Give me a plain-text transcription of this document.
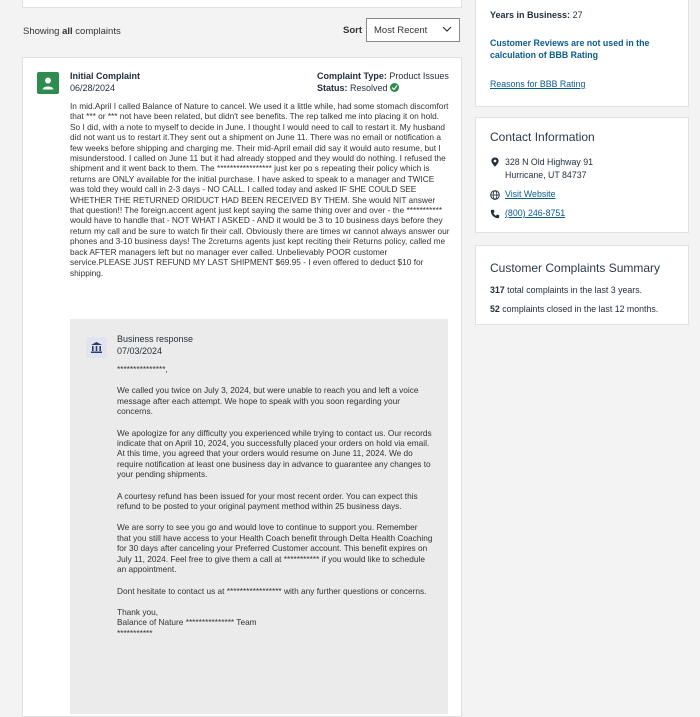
Showing all complaints	Sort	Most Recent
Initial Complaint
06/28/2024
Complaint Type: Product Issues
Status: Resolved
In mid.April I called Balance of Nature to cancel. We used it a little while, had some stomach discomfort that *** or *** not have been related, but didn't see benefits. The rep talked me into placing it on hold. So I did, with a note to myself to decide in June. I thought I would need to call to restart it. My husband did not want us to restart it.They sent out a shipment on June 11. There was no email or notification a few weeks before shipping and charging me. Their mid-April email did say it would auto resume, but I misunderstood. I called on June 11 but it had already stopped and they would do nothing. I refused the shipment and it went back to them. The ***************** just ker po s repeating their policy which is returns are ONLY available for the initial purchase. I have asked to speak to a manager and TWICE was told they would call in 2-3 days - NO CALL. I called today and asked IF SHE COULD SEE WHETHER THE RETURNED ORIDUCT HAD BEEN RECEIVED BY THEM. She would NIT answer that question!! The foreign.accent agent just kept saying the same thing over and over - the *********** would have to handle that - NOT WHAT I ASKED - AND it would be 3 to 10 business days before they return my call and be sure to watch fir their call. Obviously there are times wr cannot always answer our phones and 3-10 business days! The 2creturns agents just kept reciting their Returns policy, called me back AFTER managers left but no manager ever called. Unbelievably POOR customer service.PLEASE JUST REFUND MY LAST SHIPMENT $69.95 - I even offered to deduct $10 for shipping.
Business response
07/03/2024

***************,

We called you twice on July 3, 2024, but were unable to reach you and left a voice message after each attempt. We hope to speak with you soon regarding your concerns.

We apologize for any difficulty you experienced while trying to contact us. Our records indicate that on April 10, 2024, you successfully placed your orders on hold via email. At this time, you agreed that your orders would resume on June 11, 2024. We do require notification at least one business day in advance to guarantee any changes to your pending shipments.

A courtesy refund has been issued for your most recent order. You can expect this refund to be posted to your original payment method within 25 business days.

We are sorry to see you go and would love to continue to support you. Remember that you still have access to your Health Coach benefit through Delta Health Coaching for 30 days after canceling your Preferred Customer account. This benefit expires on July 11, 2024. Feel free to give them a call at *********** if you would like to schedule an appointment.

Dont hesitate to contact us at ***************** with any further questions or concerns.

Thank you,
Balance of Nature *************** Team
***********

Years in Business: 27
Customer Reviews are not used in the calculation of BBB Rating
Reasons for BBB Rating
Contact Information
328 N Old Highway 91
Hurricane, UT 84737
Visit Website
(800) 246-8751
Customer Complaints Summary
317 total complaints in the last 3 years.
52 complaints closed in the last 12 months.
